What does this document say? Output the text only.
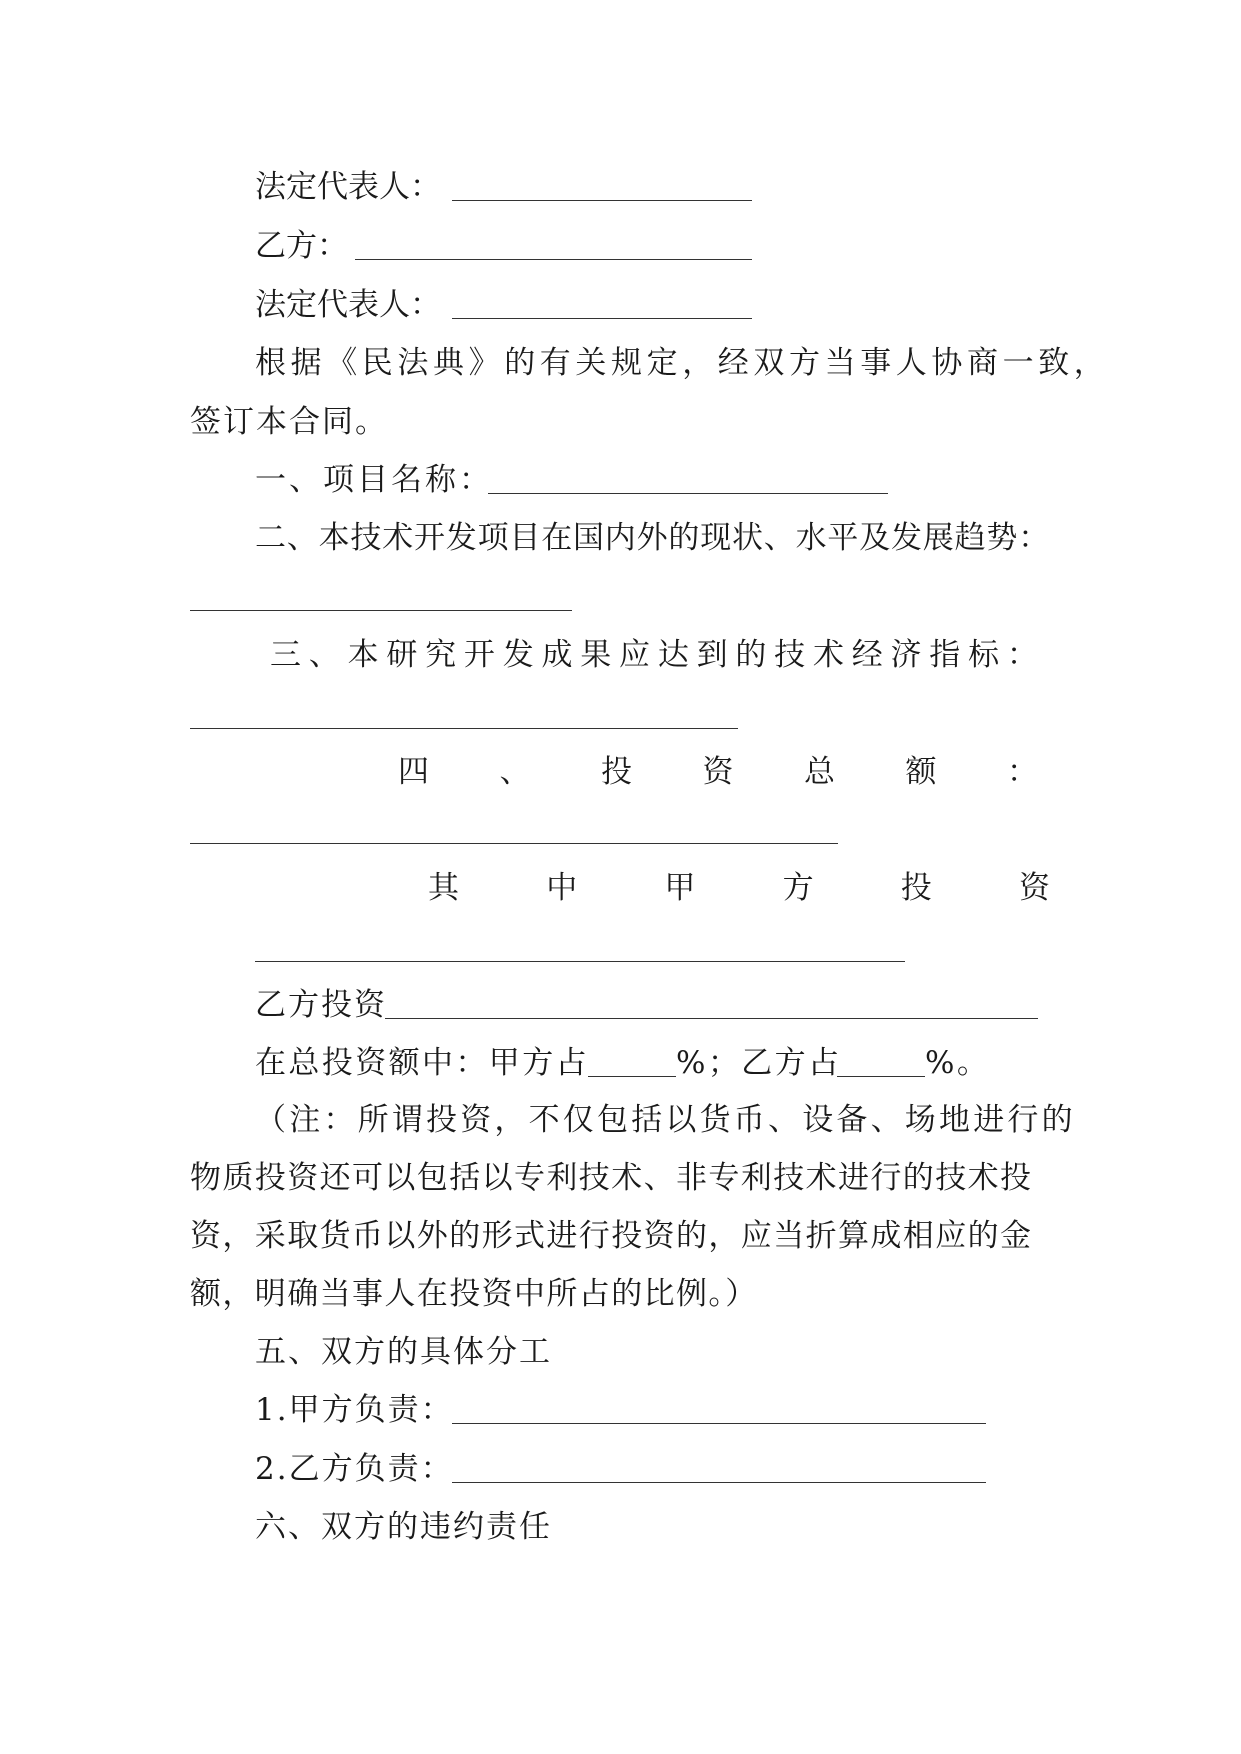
法定代表人：
乙方：
法定代表人：
根据《民法典》的有关规定，经双方当事人协商一致，
签订本合同。
一、项目名称：
二、本技术开发项目在国内外的现状、水平及发展趋势：
三 、 本 研 究 开 发 成 果 应 达 到 的 技 术 经 济 指 标 ：
四 、 投 资 总 额 ：
其	中	甲	方	投	资
乙方投资
在总投资额中：甲方占	%；乙方占	%。
（注：所谓投资，不仅包括以货币、设备、场地进行的
物质投资还可以包括以专利技术、非专利技术进行的技术投
资，采取货币以外的形式进行投资的，应当折算成相应的金
额，明确当事人在投资中所占的比例。）
五、双方的具体分工
1.甲方负责：
2.乙方负责：
六、双方的违约责任
